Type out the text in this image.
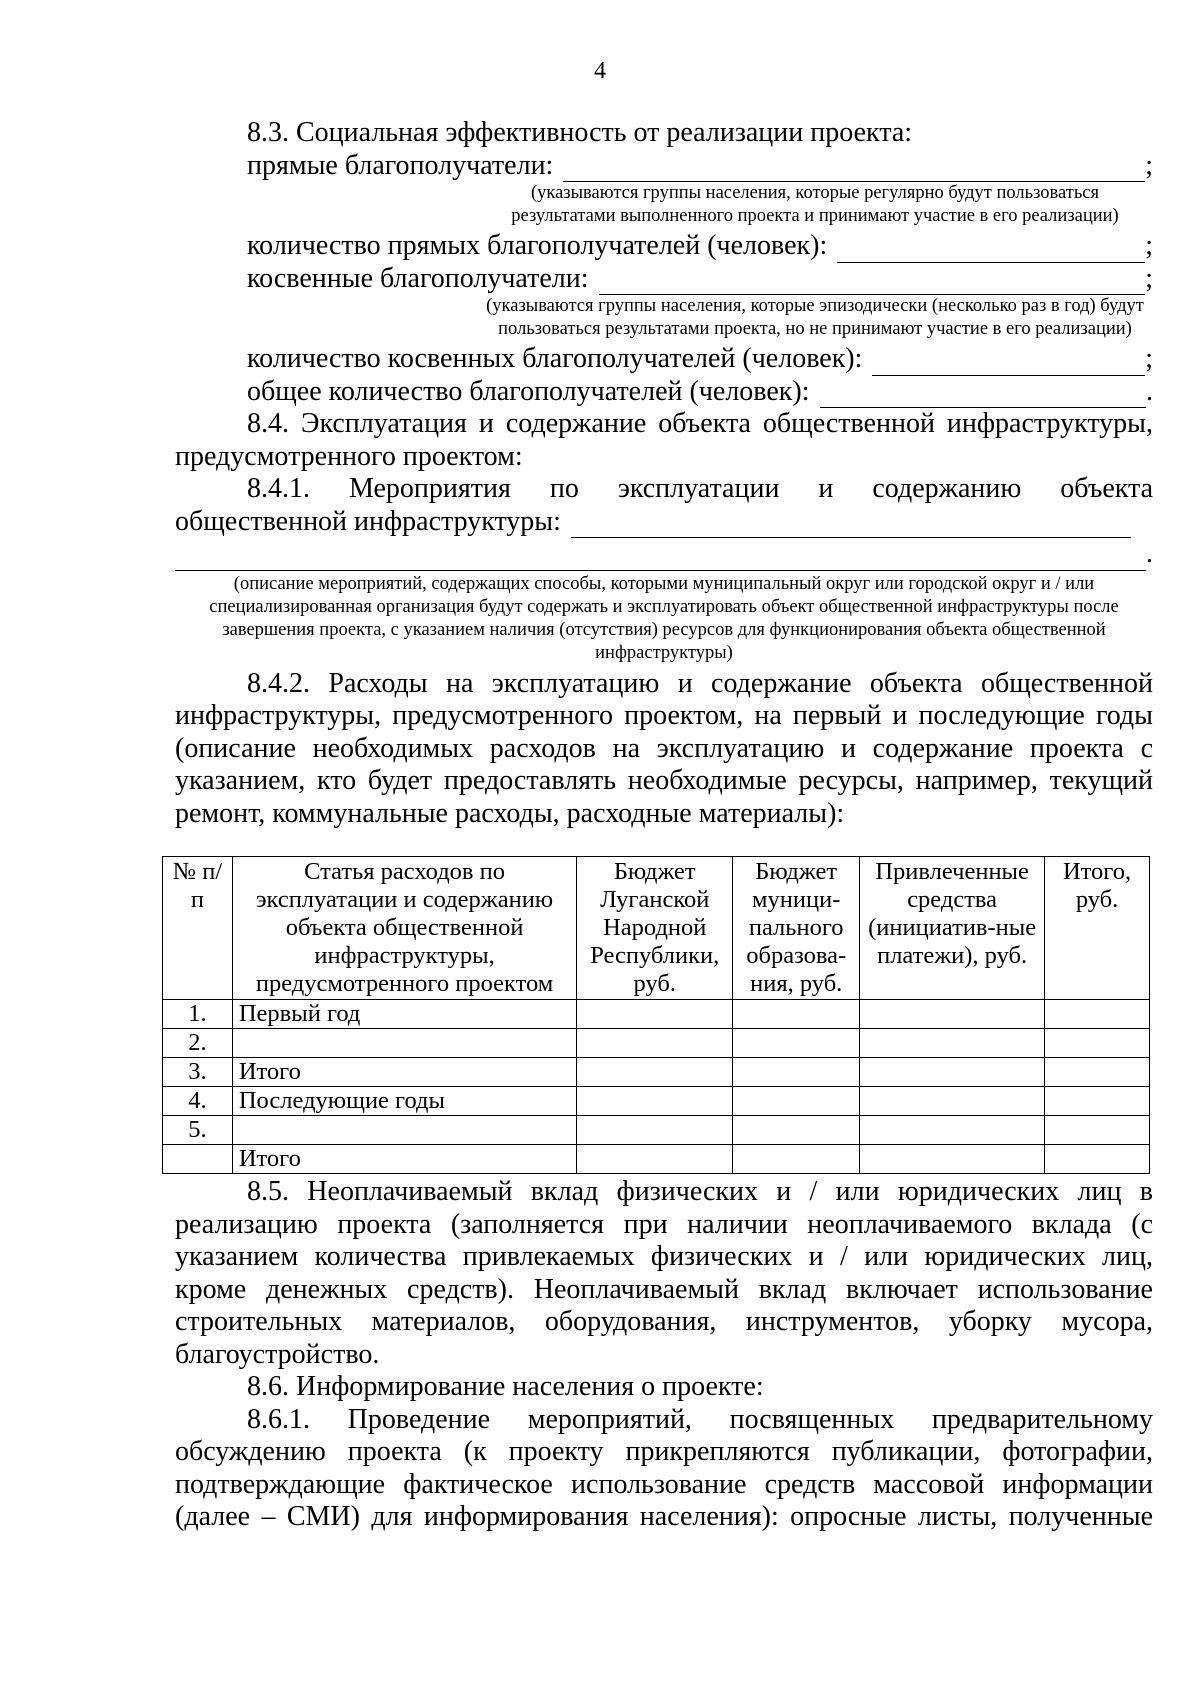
4

8.3. Социальная эффективность от реализации проекта:

прямые благополучатели:	;
(указываются группы населения, которые регулярно будут пользоваться результатами выполненного проекта и принимают участие в его реализации)
количество прямых благополучателей (человек):	;
косвенные благополучатели:	;
(указываются группы населения, которые эпизодически (несколько раз в год) будут пользоваться результатами проекта, но не принимают участие в его реализации)
количество косвенных благополучателей (человек):	;
общее количество благополучателей (человек):	.

8.4. Эксплуатация и содержание объекта общественной инфраструктуры, предусмотренного проектом:

8.4.1. Мероприятия по эксплуатации и содержанию объекта

общественной инфраструктуры:
.
(описание мероприятий, содержащих способы, которыми муниципальный округ или городской округ и / или специализированная организация будут содержать и эксплуатировать объект общественной инфраструктуры после завершения проекта, с указанием наличия (отсутствия) ресурсов для функционирования объекта общественной инфраструктуры)

8.4.2. Расходы на эксплуатацию и содержание объекта общественной инфраструктуры, предусмотренного проектом, на первый и последующие годы (описание необходимых расходов на эксплуатацию и содержание проекта с указанием, кто будет предоставлять необходимые ресурсы, например, текущий ремонт, коммунальные расходы, расходные материалы):

№ п/п	Статья расходов по эксплуатации и содержанию объекта общественной инфраструктуры, предусмотренного проектом	Бюджет Луганской Народной Республики, руб.	Бюджет муници-пального образова-ния, руб.	Привлеченные средства (инициатив-ные платежи), руб.	Итого, руб.
1.	Первый год				
2.					
3.	Итого				
4.	Последующие годы				
5.					
	Итого				

8.5. Неоплачиваемый вклад физических и / или юридических лиц в реализацию проекта (заполняется при наличии неоплачиваемого вклада (с указанием количества привлекаемых физических и / или юридических лиц, кроме денежных средств). Неоплачиваемый вклад включает использование строительных материалов, оборудования, инструментов, уборку мусора, благоустройство.

8.6. Информирование населения о проекте:

8.6.1. Проведение мероприятий, посвященных предварительному обсуждению проекта (к проекту прикрепляются публикации, фотографии, подтверждающие фактическое использование средств массовой информации (далее – СМИ) для информирования населения): опросные листы, полученные
